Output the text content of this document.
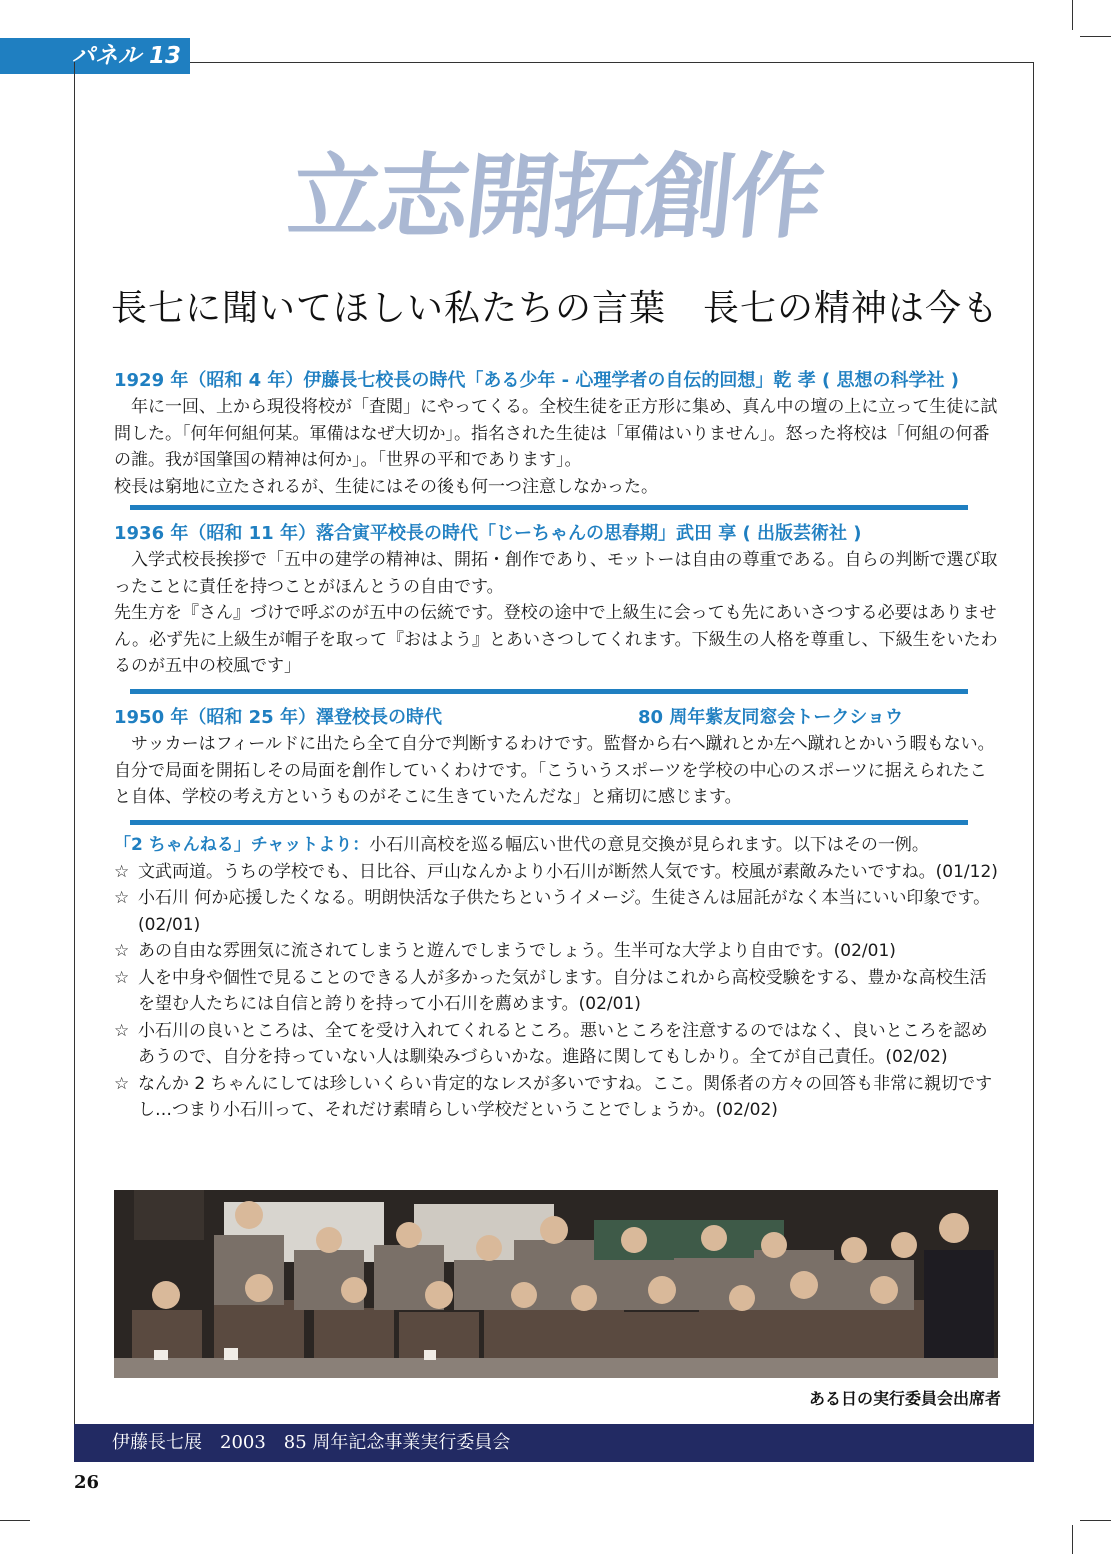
パネル 13
立
志
開
拓
創
作
長七に聞いてほしい私たちの言葉　長七の精神は今も
1929 年（昭和 4 年）伊藤長七校長の時代「ある少年 - 心理学者の自伝的回想」乾 孝 ( 思想の科学社 )

年に一回、上から現役将校が「査閲」にやってくる。全校生徒を正方形に集め、真ん中の壇の上に立って生徒に試問した。「何年何組何某。軍備はなぜ大切か」。指名された生徒は「軍備はいりません」。怒った将校は「何組の何番の誰。我が国肇国の精神は何か」。「世界の平和であります」。

校長は窮地に立たされるが、生徒にはその後も何一つ注意しなかった。

1936 年（昭和 11 年）落合寅平校長の時代「じーちゃんの思春期」武田 享 ( 出版芸術社 )

入学式校長挨拶で「五中の建学の精神は、開拓・創作であり、モットーは自由の尊重である。自らの判断で選び取ったことに責任を持つことがほんとうの自由です。

先生方を『さん』づけで呼ぶのが五中の伝統です。登校の途中で上級生に会っても先にあいさつする必要はありません。必ず先に上級生が帽子を取って『おはよう』とあいさつしてくれます。下級生の人格を尊重し、下級生をいたわるのが五中の校風です」

1950 年（昭和 25 年）澤登校長の時代	80 周年紫友同窓会トークショウ

サッカーはフィールドに出たら全て自分で判断するわけです。監督から右へ蹴れとか左へ蹴れとかいう暇もない。自分で局面を開拓しその局面を創作していくわけです。「こういうスポーツを学校の中心のスポーツに据えられたこと自体、学校の考え方というものがそこに生きていたんだな」と痛切に感じます。

「2 ちゃんねる」チャットより：小石川高校を巡る幅広い世代の意見交換が見られます。以下はその一例。
☆ 文武両道。うちの学校でも、日比谷、戸山なんかより小石川が断然人気です。校風が素敵みたいですね。(01/12)
☆ 小石川 何か応援したくなる。明朗快活な子供たちというイメージ。生徒さんは屈託がなく本当にいい印象です。(02/01)
☆ あの自由な雰囲気に流されてしまうと遊んでしまうでしょう。生半可な大学より自由です。(02/01)
☆ 人を中身や個性で見ることのできる人が多かった気がします。自分はこれから高校受験をする、豊かな高校生活を望む人たちには自信と誇りを持って小石川を薦めます。(02/01)
☆ 小石川の良いところは、全てを受け入れてくれるところ。悪いところを注意するのではなく、良いところを認めあうので、自分を持っていない人は馴染みづらいかな。進路に関してもしかり。全てが自己責任。(02/02)
☆ なんか 2 ちゃんにしては珍しいくらい肯定的なレスが多いですね。ここ。関係者の方々の回答も非常に親切ですし…つまり小石川って、それだけ素晴らしい学校だということでしょうか。(02/02)
ある日の実行委員会出席者
伊藤長七展　2003　85 周年記念事業実行委員会
26
